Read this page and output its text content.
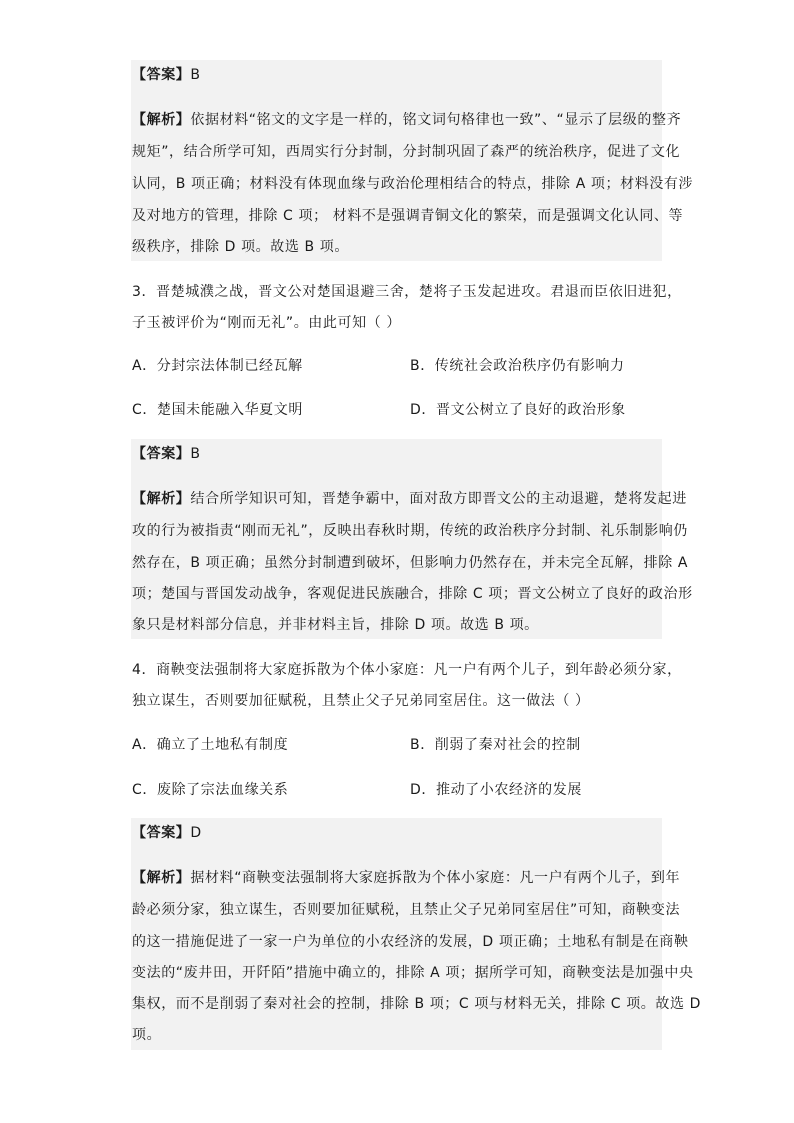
【答案】B
【解析】依据材料“铭文的文字是一样的，铭文词句格律也一致”、“显示了层级的整齐
规矩”，结合所学可知，西周实行分封制，分封制巩固了森严的统治秩序，促进了文化
认同，B 项正确；材料没有体现血缘与政治伦理相结合的特点，排除 A 项；材料没有涉
及对地方的管理，排除 C 项； 材料不是强调青铜文化的繁荣，而是强调文化认同、等
级秩序，排除 D 项。故选 B 项。
3．晋楚城濮之战，晋文公对楚国退避三舍，楚将子玉发起进攻。君退而臣依旧进犯，
子玉被评价为“刚而无礼”。由此可知（ ）
A．分封宗法体制已经瓦解	B．传统社会政治秩序仍有影响力
C．楚国未能融入华夏文明	D．晋文公树立了良好的政治形象
【答案】B
【解析】结合所学知识可知，晋楚争霸中，面对敌方即晋文公的主动退避，楚将发起进
攻的行为被指责“刚而无礼”，反映出春秋时期，传统的政治秩序分封制、礼乐制影响仍
然存在，B 项正确；虽然分封制遭到破坏，但影响力仍然存在，并未完全瓦解，排除 A
项；楚国与晋国发动战争，客观促进民族融合，排除 C 项；晋文公树立了良好的政治形
象只是材料部分信息，并非材料主旨，排除 D 项。故选 B 项。
4．商鞅变法强制将大家庭拆散为个体小家庭：凡一户有两个儿子，到年龄必须分家，
独立谋生，否则要加征赋税，且禁止父子兄弟同室居住。这一做法（ ）
A．确立了土地私有制度	B．削弱了秦对社会的控制
C．废除了宗法血缘关系	D．推动了小农经济的发展
【答案】D
【解析】据材料“商鞅变法强制将大家庭拆散为个体小家庭：凡一户有两个儿子，到年
龄必须分家，独立谋生，否则要加征赋税，且禁止父子兄弟同室居住”可知，商鞅变法
的这一措施促进了一家一户为单位的小农经济的发展，D 项正确；土地私有制是在商鞅
变法的“废井田，开阡陌”措施中确立的，排除 A 项；据所学可知，商鞅变法是加强中央
集权，而不是削弱了秦对社会的控制，排除 B 项；C 项与材料无关，排除 C 项。故选 D
项。
